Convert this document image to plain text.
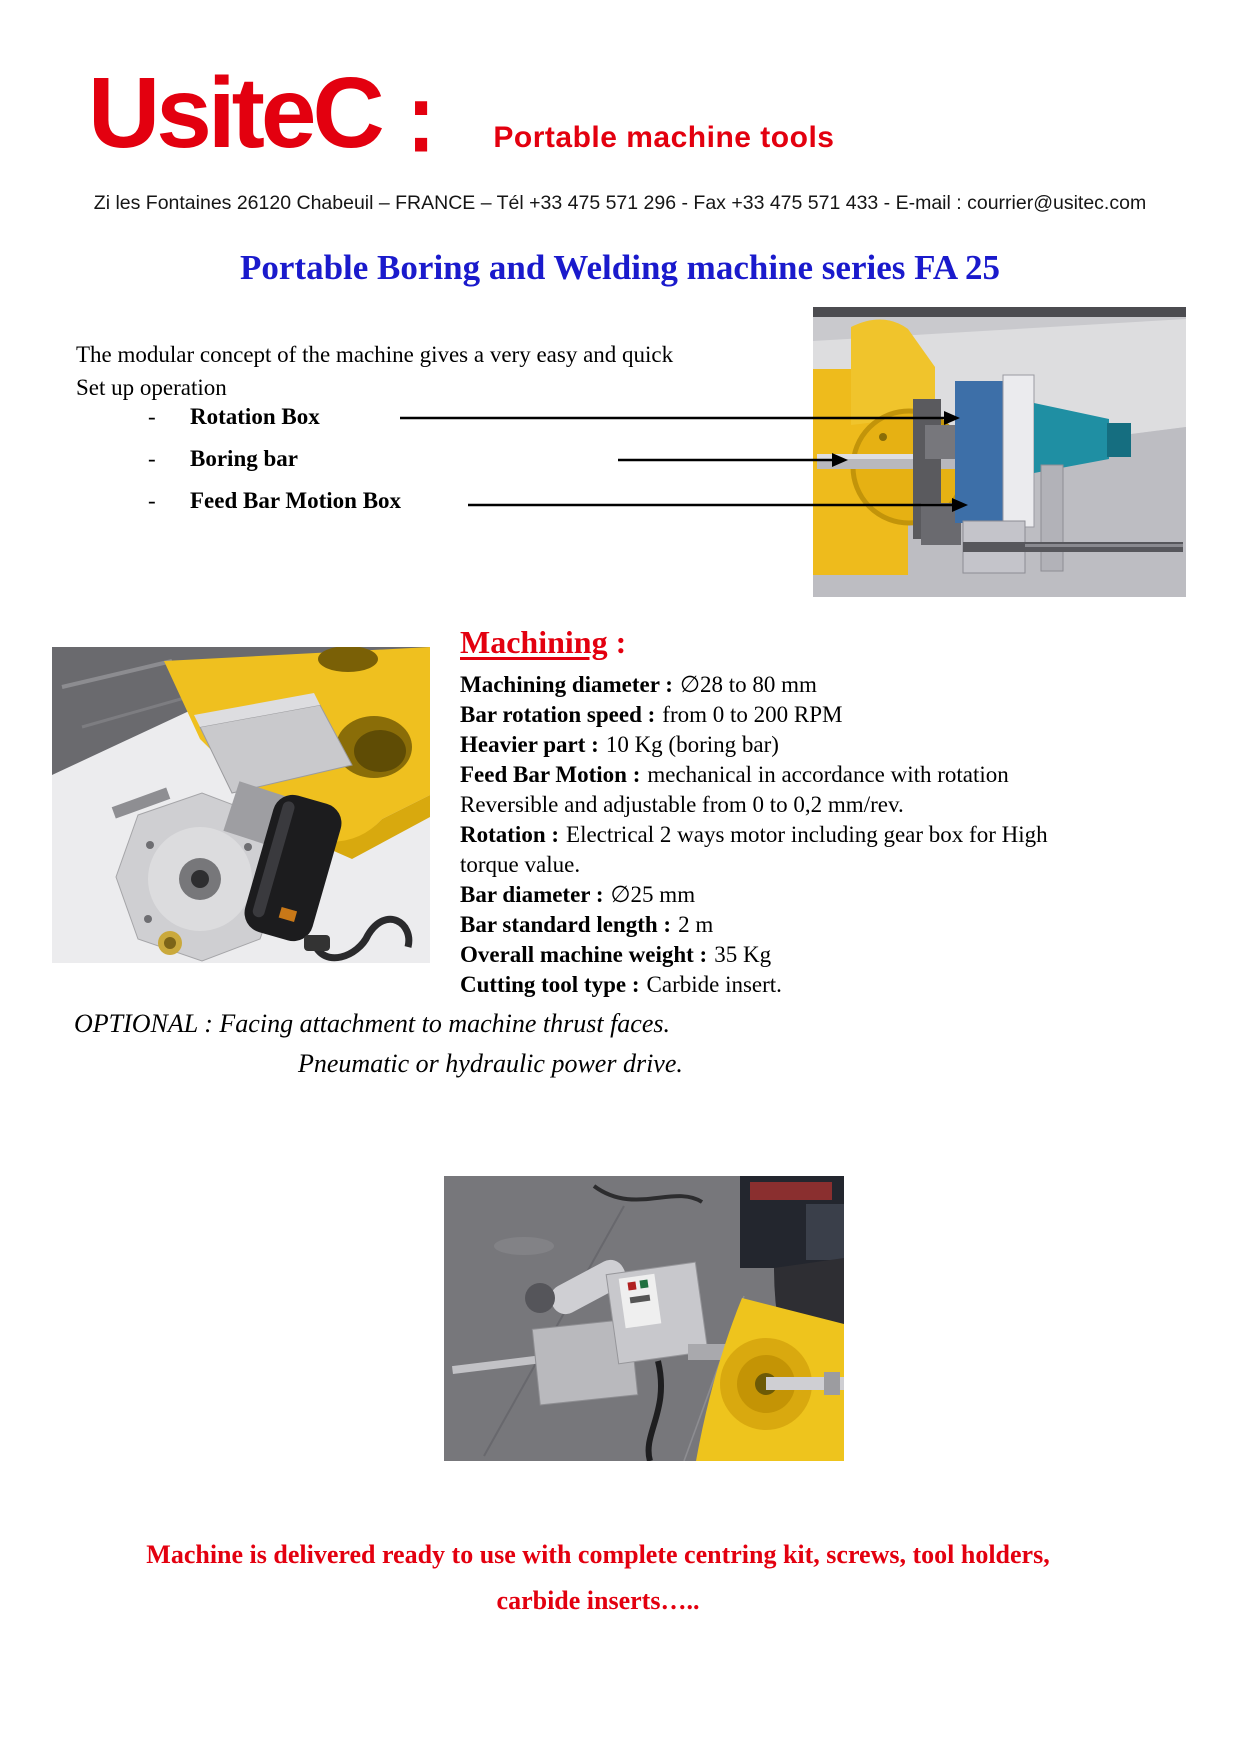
UsiteC : Portable machine tools
Zi les Fontaines 26120 Chabeuil – FRANCE – Tél +33 475 571 296 - Fax +33 475 571 433 - E-mail : courrier@usitec.com
Portable Boring and Welding machine series FA 25
The modular concept of the machine gives a very easy and quick
Set up operation
-	Rotation Box
-	Boring bar
-	Feed Bar Motion Box
Machining :
Machining diameter : ∅28 to 80 mm
Bar rotation speed : from 0 to 200 RPM
Heavier part : 10 Kg (boring bar)
Feed Bar Motion : mechanical in accordance with rotation
Reversible and adjustable from 0 to 0,2 mm/rev.
Rotation : Electrical 2 ways motor including gear box for High
torque value.
Bar diameter : ∅25 mm
Bar standard length : 2 m
Overall machine weight : 35 Kg
Cutting tool type : Carbide insert.
OPTIONAL : Facing attachment to machine thrust faces.
Pneumatic or hydraulic power drive.
Machine is delivered ready to use with complete centring kit, screws, tool holders,
carbide inserts…..
